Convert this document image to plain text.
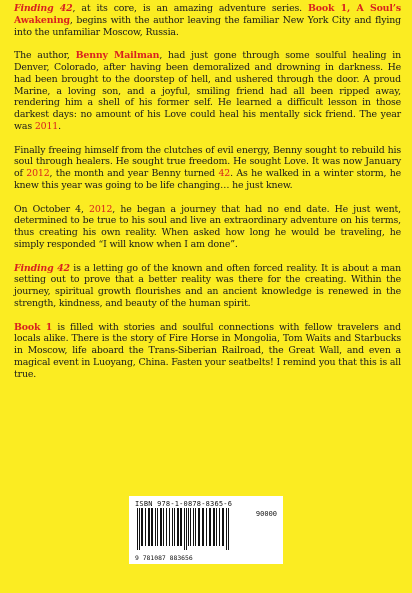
Finding 42, at its core, is an amazing adventure series. Book 1, A Soul’s Awakening, begins with the author leaving the familiar New York City and flying into the unfamiliar Moscow, Russia.

The author, Benny Mailman, had just gone through some soulful healing in Denver, Colorado, after having been demoralized and drowning in darkness. He had been brought to the doorstep of hell, and ushered through the door. A proud Marine, a loving son, and a joyful, smiling friend had all been ripped away, rendering him a shell of his former self. He learned a difficult lesson in those darkest days: no amount of his Love could heal his mentally sick friend. The year was 2011.

Finally freeing himself from the clutches of evil energy, Benny sought to rebuild his soul through healers. He sought true freedom. He sought Love. It was now January of 2012, the month and year Benny turned 42. As he walked in a winter storm, he knew this year was going to be life changing… he just knew.

On October 4, 2012, he began a journey that had no end date. He just went, determined to be true to his soul and live an extraordinary adventure on his terms, thus creating his own reality. When asked how long he would be traveling, he simply responded “I will know when I am done”.

Finding 42 is a letting go of the known and often forced reality. It is about a man setting out to prove that a better reality was there for the creating. Within the journey, spiritual growth flourishes and an ancient knowledge is renewed in the strength, kindness, and beauty of the human spirit.

Book 1 is filled with stories and soulful connections with fellow travelers and locals alike. There is the story of Fire Horse in Mongolia, Tom Waits and Starbucks in Moscow, life aboard the Trans-Siberian Railroad, the Great Wall, and even a magical event in Luoyang, China. Fasten your seatbelts! I remind you that this is all true.

ISBN 978-1-0878-8365-6
90000
9 781087 883656
